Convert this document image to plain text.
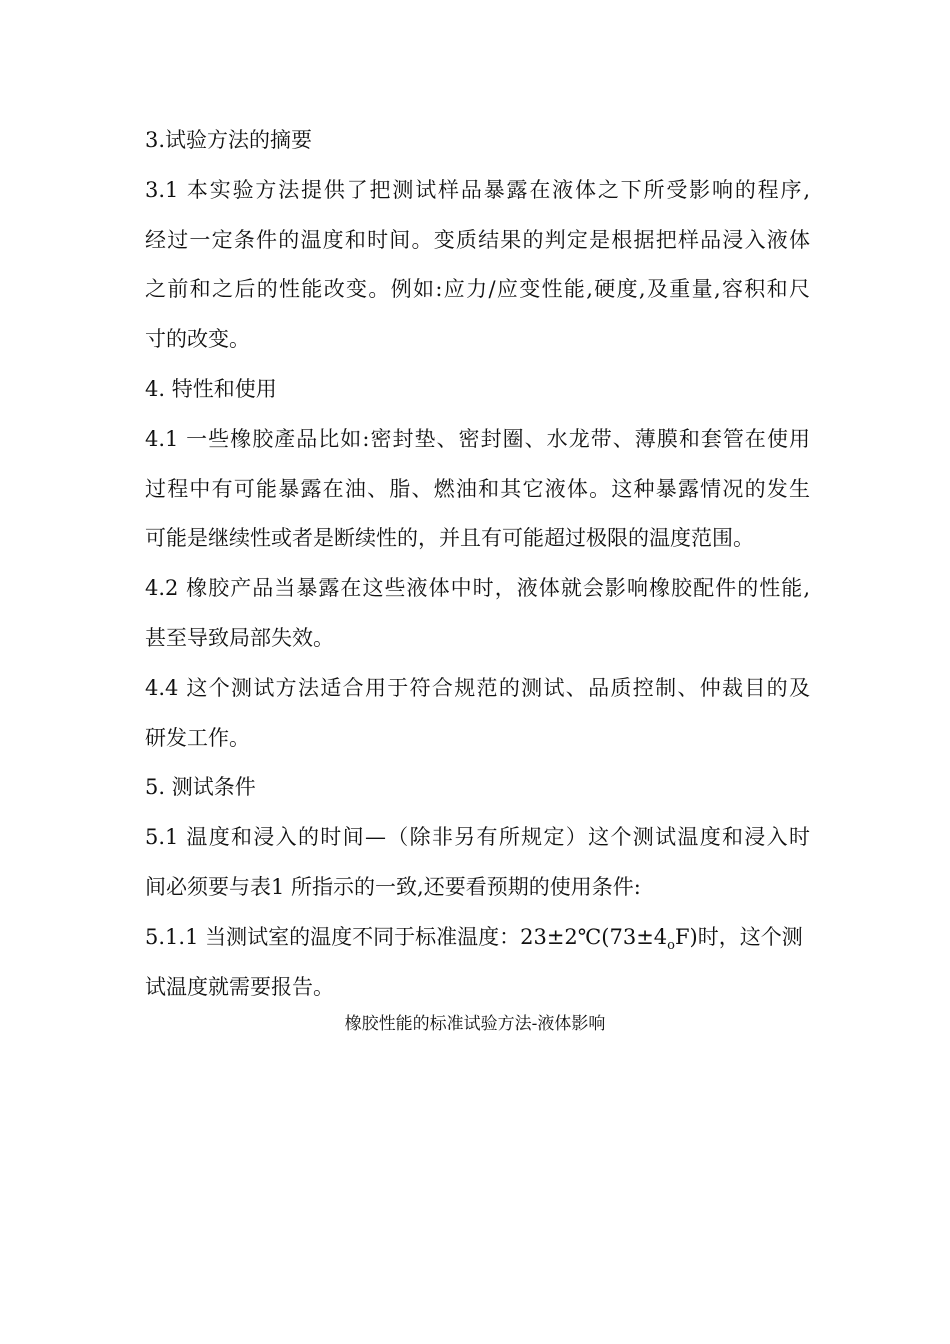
3.试验方法的摘要
3.1 本实验方法提供了把测试样品暴露在液体之下所受影响的程序,
经过一定条件的温度和时间。变质结果的判定是根据把样品浸入液体
之前和之后的性能改变。例如:应力/应变性能,硬度,及重量,容积和尺
寸的改变。
4. 特性和使用
4.1 一些橡胶產品比如:密封垫、密封圈、水龙带、薄膜和套管在使用
过程中有可能暴露在油、脂、燃油和其它液体。这种暴露情况的发生
可能是继续性或者是断续性的，并且有可能超过极限的温度范围。
4.2 橡胶产品当暴露在这些液体中时，液体就会影响橡胶配件的性能,
甚至导致局部失效。
4.4 这个测试方法适合用于符合规范的测试、品质控制、仲裁目的及
研发工作。
5. 测试条件
5.1 温度和浸入的时间—（除非另有所规定）这个测试温度和浸入时
间必须要与表1 所指示的一致,还要看预期的使用条件:
5.1.1 当测试室的温度不同于标准温度：$23\pm 2℃(73\pm 4_oF)$时，这个测
试温度就需要报告。
橡胶性能的标准试验方法-液体影响
